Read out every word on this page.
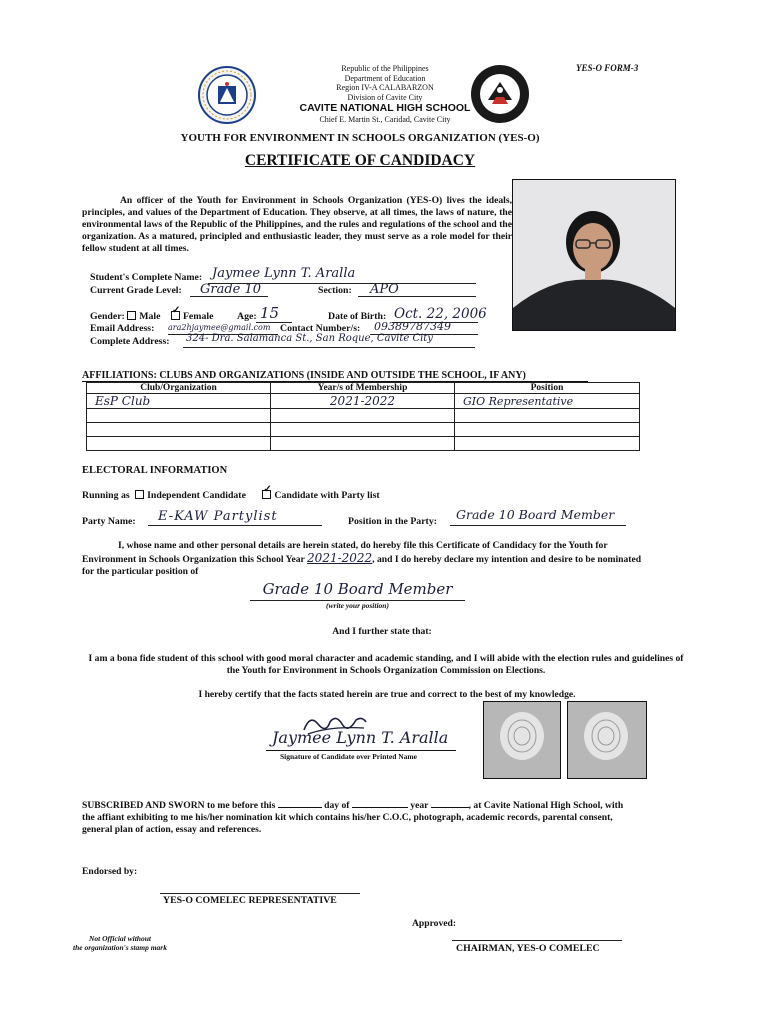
Republic of the Philippines
Department of Education
Region IV-A CALABARZON
Division of Cavite City
CAVITE NATIONAL HIGH SCHOOL
Chief E. Martin St., Caridad, Cavite City
YES-O FORM-3
YOUTH FOR ENVIRONMENT IN SCHOOLS ORGANIZATION (YES-O)
CERTIFICATE OF CANDIDACY
An officer of the Youth for Environment in Schools Organization (YES-O) lives the ideals, principles, and values of the Department of Education. They observe, at all times, the laws of nature, the environmental laws of the Republic of the Philippines, and the rules and regulations of the school and the organization. As a matured, principled and enthusiastic leader, they must serve as a role model for their fellow student at all times.
Student's Complete Name: Jaymee Lynn T. Aralla
Current Grade Level: Grade 10	Section: APO
Gender: Male ✓ Female Age: 15	Date of Birth: Oct. 22, 2006
Email Address: ara2hjaymee@gmail.com Contact Number/s: 09389787349
Complete Address: 324- Dra. Salamanca St., San Roque, Cavite City
AFFILIATIONS: CLUBS AND ORGANIZATIONS (INSIDE AND OUTSIDE THE SCHOOL, IF ANY)
Club/Organization	Year/s of Membership	Position
EsP Club	2021-2022	GIO Representative

ELECTORAL INFORMATION
Running as Independent Candidate ✓	Candidate with Party list
Party Name: E-KAW Partylist	Position in the Party: Grade 10 Board Member
I, whose name and other personal details are herein stated, do hereby file this Certificate of Candidacy for the Youth for Environment in Schools Organization this School Year 2021-2022, and I do hereby declare my intention and desire to be nominated for the particular position of
Grade 10 Board Member
(write your position)
And I further state that:
I am a bona fide student of this school with good moral character and academic standing, and I will abide with the election rules and guidelines of the Youth for Environment in Schools Organization Commission on Elections.
I hereby certify that the facts stated herein are true and correct to the best of my knowledge.
Jaymee Lynn T. Aralla
Signature of Candidate over Printed Name
SUBSCRIBED AND SWORN to me before this	day of	year	, at Cavite National High School, with the affiant exhibiting to me his/her nomination kit which contains his/her C.O.C, photograph, academic records, parental consent, general plan of action, essay and references.
Endorsed by:
YES-O COMELEC REPRESENTATIVE
Approved:
CHAIRMAN, YES-O COMELEC
Not Official without
the organization's stamp mark
